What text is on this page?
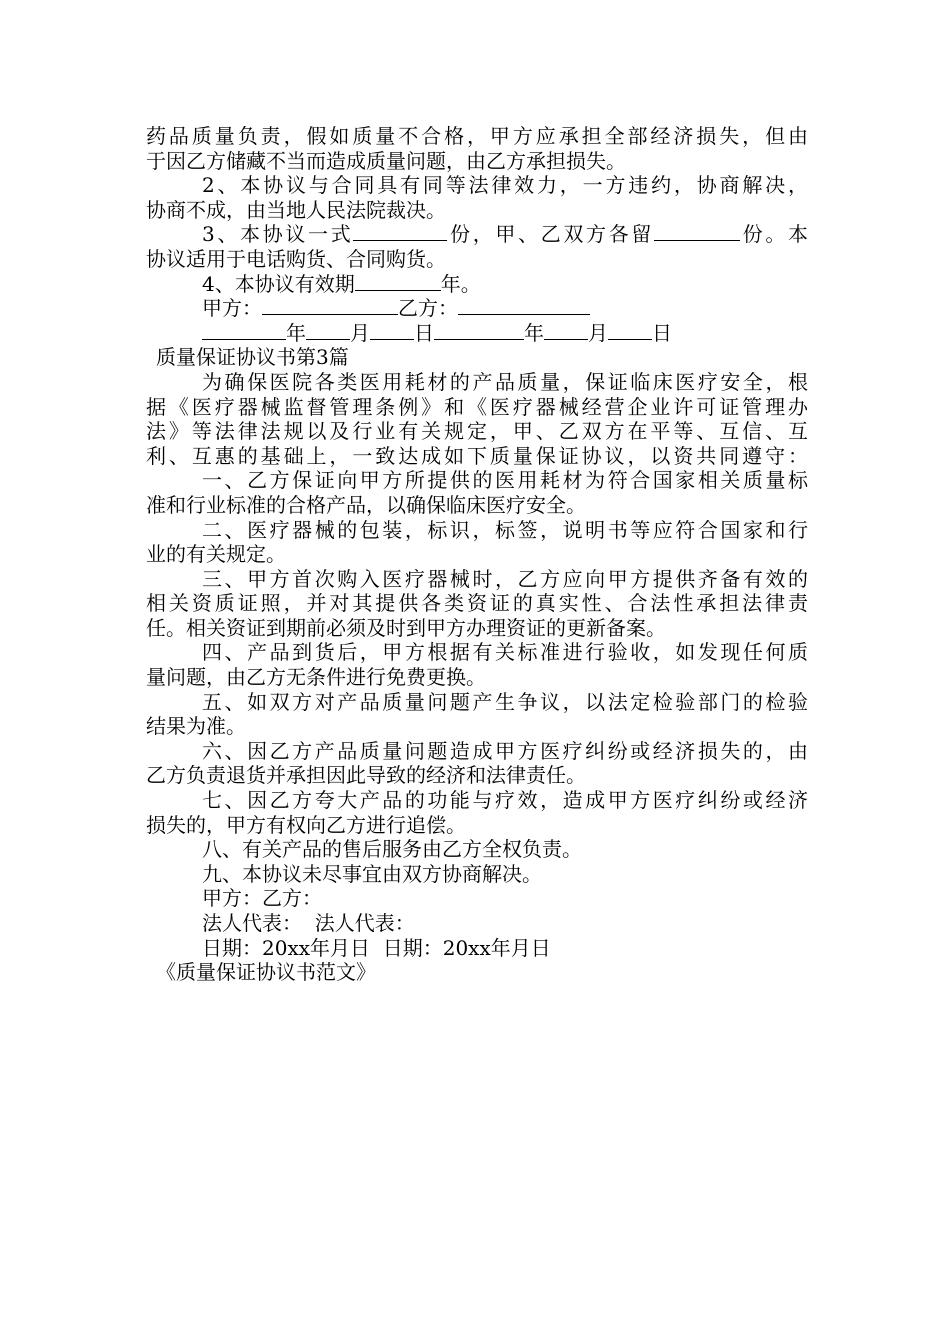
药品质量负责，假如质量不合格，甲方应承担全部经济损失，但由
于因乙方储藏不当而造成质量问题，由乙方承担损失。
2、本协议与合同具有同等法律效力，一方违约，协商解决，
协商不成，由当地人民法院裁决。
3、本协议一式	份，甲、乙双方各留	份。本
协议适用于电话购货、合同购货。
4、本协议有效期	年。
甲方：	乙方：
年 月 日	年 月 日
质量保证协议书第3篇
为确保医院各类医用耗材的产品质量，保证临床医疗安全，根
据《医疗器械监督管理条例》和《医疗器械经营企业许可证管理办
法》等法律法规以及行业有关规定，甲、乙双方在平等、互信、互
利、互惠的基础上，一致达成如下质量保证协议，以资共同遵守：
一、乙方保证向甲方所提供的医用耗材为符合国家相关质量标
准和行业标准的合格产品，以确保临床医疗安全。
二、医疗器械的包装，标识，标签，说明书等应符合国家和行
业的有关规定。
三、甲方首次购入医疗器械时，乙方应向甲方提供齐备有效的
相关资质证照，并对其提供各类资证的真实性、合法性承担法律责
任。相关资证到期前必须及时到甲方办理资证的更新备案。
四、产品到货后，甲方根据有关标准进行验收，如发现任何质
量问题，由乙方无条件进行免费更换。
五、如双方对产品质量问题产生争议，以法定检验部门的检验
结果为准。
六、因乙方产品质量问题造成甲方医疗纠纷或经济损失的，由
乙方负责退货并承担因此导致的经济和法律责任。
七、因乙方夸大产品的功能与疗效，造成甲方医疗纠纷或经济
损失的，甲方有权向乙方进行追偿。
八、有关产品的售后服务由乙方全权负责。
九、本协议未尽事宜由双方协商解决。
甲方：乙方：
法人代表：  法人代表：
日期：20xx年月日  日期：20xx年月日
《质量保证协议书范文》
